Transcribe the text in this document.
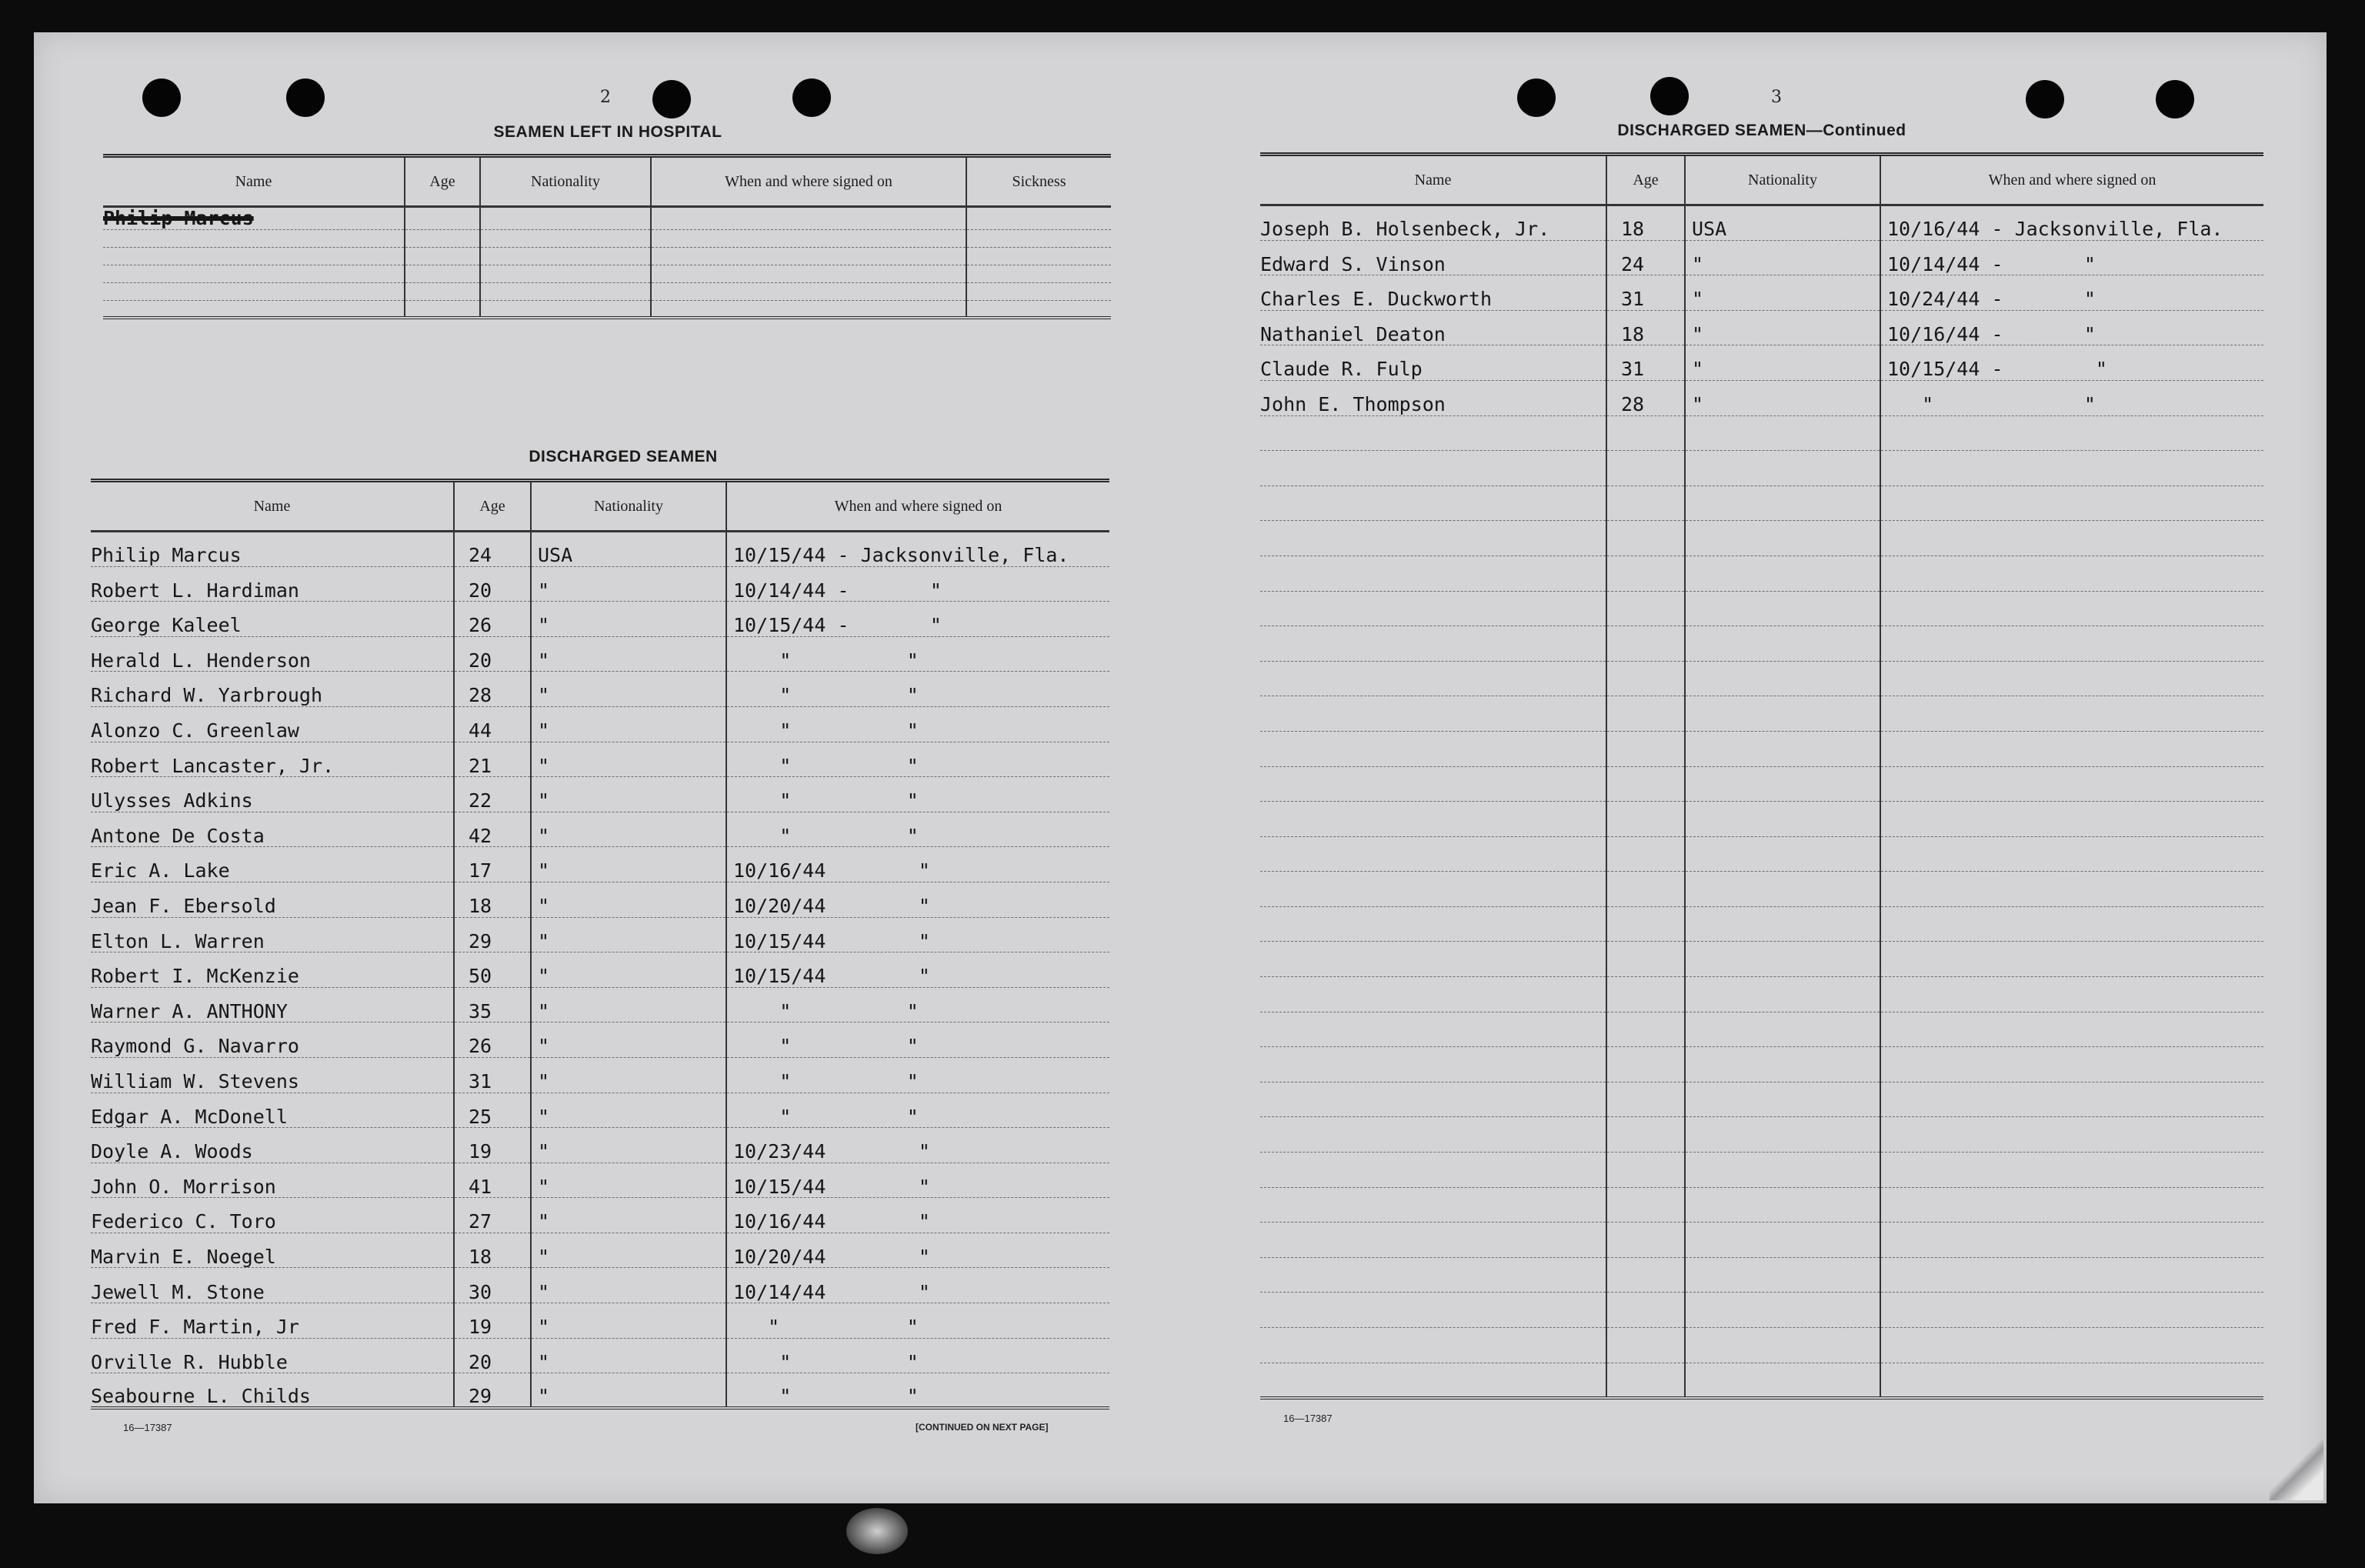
2
SEAMEN LEFT IN HOSPITAL
Name	Age	Nationality	When and where signed on	Sickness
Philip Marcus				

DISCHARGED SEAMEN
Name	Age	Nationality	When and where signed on
Philip Marcus	24	USA	10/15/44 - Jacksonville, Fla.
Robert L. Hardiman	20	"	10/14/44 -       "
George Kaleel	26	"	10/15/44 -       "
Herald L. Henderson	20	"	"          "
Richard W. Yarbrough	28	"	"          "
Alonzo C. Greenlaw	44	"	"          "
Robert Lancaster, Jr.	21	"	"          "
Ulysses Adkins	22	"	"          "
Antone De Costa	42	"	"          "
Eric A. Lake	17	"	10/16/44        "
Jean F. Ebersold	18	"	10/20/44        "
Elton L. Warren	29	"	10/15/44        "
Robert I. McKenzie	50	"	10/15/44        "
Warner A. ANTHONY	35	"	"          "
Raymond G. Navarro	26	"	"          "
William W. Stevens	31	"	"          "
Edgar A. McDonell	25	"	"          "
Doyle A. Woods	19	"	10/23/44        "
John O. Morrison	41	"	10/15/44        "
Federico C. Toro	27	"	10/16/44        "
Marvin E. Noegel	18	"	10/20/44        "
Jewell M. Stone	30	"	10/14/44        "
Fred F. Martin, Jr	19	"	"           "
Orville R. Hubble	20	"	"          "
Seabourne L. Childs	29	"	"          "
16—17387	[CONTINUED ON NEXT PAGE]
3
DISCHARGED SEAMEN—Continued
Name	Age	Nationality	When and where signed on
Joseph B. Holsenbeck, Jr.	18	USA	10/16/44 - Jacksonville, Fla.
Edward S. Vinson	24	"	10/14/44 -       "
Charles E. Duckworth	31	"	10/24/44 -       "
Nathaniel Deaton	18	"	10/16/44 -       "
Claude R. Fulp	31	"	10/15/44 -        "
John E. Thompson	28	"	"             "

16—17387
